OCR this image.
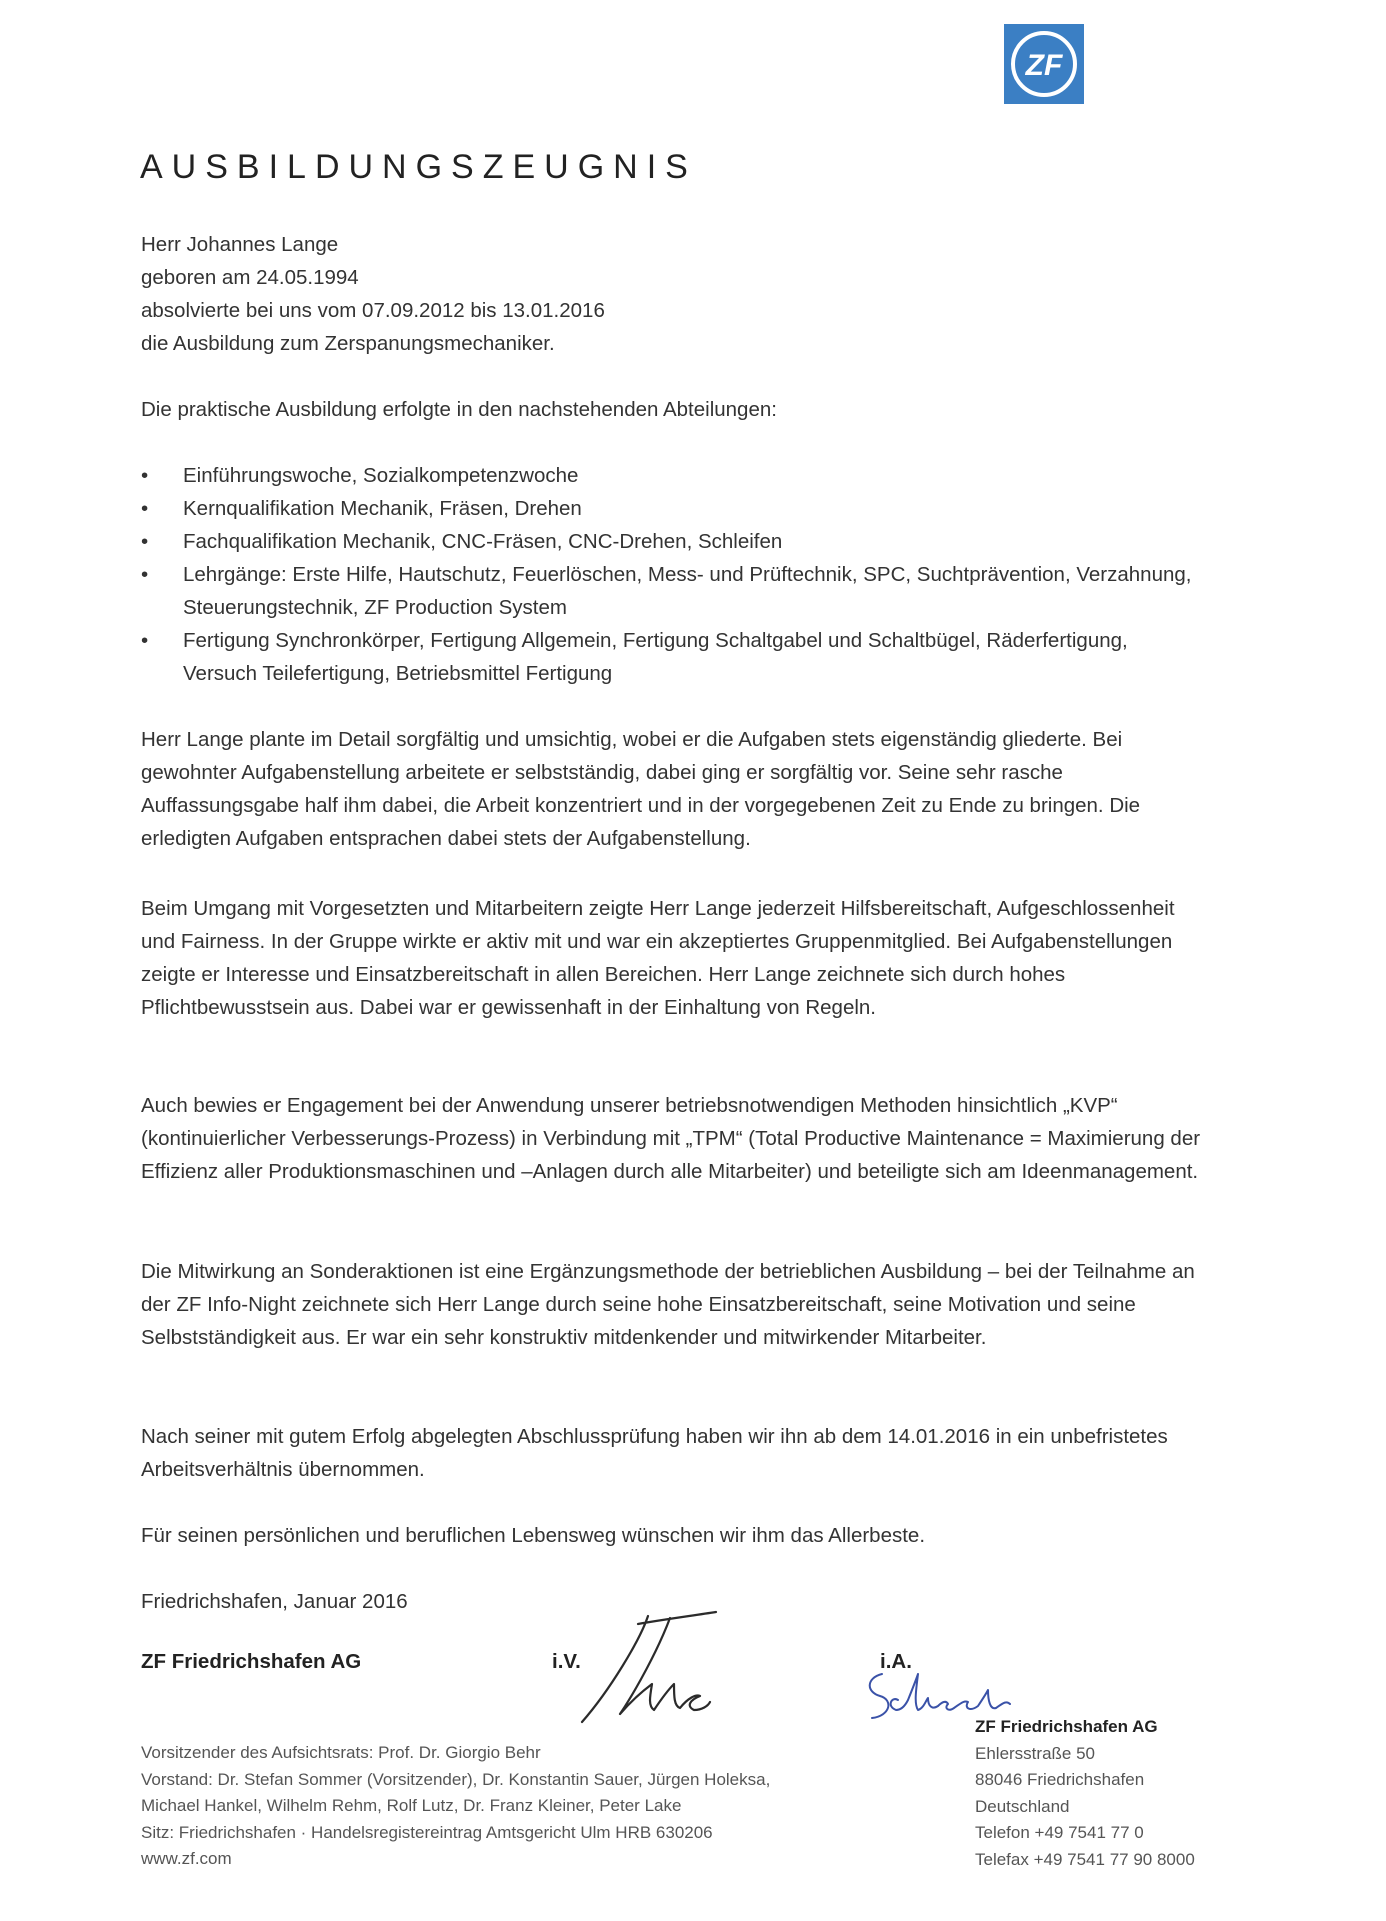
ZF
AUSBILDUNGSZEUGNIS
Herr Johannes Lange
geboren am 24.05.1994
absolvierte bei uns vom 07.09.2012 bis 13.01.2016
die Ausbildung zum Zerspanungsmechaniker.
Die praktische Ausbildung erfolgte in den nachstehenden Abteilungen:
•	Einführungswoche, Sozialkompetenzwoche
•	Kernqualifikation Mechanik, Fräsen, Drehen
•	Fachqualifikation Mechanik, CNC-Fräsen, CNC-Drehen, Schleifen
•	Lehrgänge: Erste Hilfe, Hautschutz, Feuerlöschen, Mess- und Prüftechnik, SPC, Suchtprävention, Verzahnung, Steuerungstechnik, ZF Production System
•	Fertigung Synchronkörper, Fertigung Allgemein, Fertigung Schaltgabel und Schaltbügel, Räderfertigung, Versuch Teilefertigung, Betriebsmittel Fertigung
Herr Lange plante im Detail sorgfältig und umsichtig, wobei er die Aufgaben stets eigenständig gliederte. Bei gewohnter Aufgabenstellung arbeitete er selbstständig, dabei ging er sorgfältig vor. Seine sehr rasche Auffassungsgabe half ihm dabei, die Arbeit konzentriert und in der vorgegebenen Zeit zu Ende zu bringen. Die erledigten Aufgaben entsprachen dabei stets der Aufgabenstellung.
Beim Umgang mit Vorgesetzten und Mitarbeitern zeigte Herr Lange jederzeit Hilfsbereitschaft, Aufgeschlossenheit und Fairness. In der Gruppe wirkte er aktiv mit und war ein akzeptiertes Gruppenmitglied. Bei Aufgabenstellungen zeigte er Interesse und Einsatzbereitschaft in allen Bereichen. Herr Lange zeichnete sich durch hohes Pflichtbewusstsein aus. Dabei war er gewissenhaft in der Einhaltung von Regeln.
Auch bewies er Engagement bei der Anwendung unserer betriebsnotwendigen Methoden hinsichtlich „KVP“ (kontinuierlicher Verbesserungs-Prozess) in Verbindung mit „TPM“ (Total Productive Maintenance = Maximierung der Effizienz aller Produktionsmaschinen und –Anlagen durch alle Mitarbeiter) und beteiligte sich am Ideenmanagement.
Die Mitwirkung an Sonderaktionen ist eine Ergänzungsmethode der betrieblichen Ausbildung – bei der Teilnahme an der ZF Info-Night zeichnete sich Herr Lange durch seine hohe Einsatzbereitschaft, seine Motivation und seine Selbstständigkeit aus. Er war ein sehr konstruktiv mitdenkender und mitwirkender Mitarbeiter.
Nach seiner mit gutem Erfolg abgelegten Abschlussprüfung haben wir ihn ab dem 14.01.2016 in ein unbefristetes Arbeitsverhältnis übernommen.
Für seinen persönlichen und beruflichen Lebensweg wünschen wir ihm das Allerbeste.
Friedrichshafen, Januar 2016
ZF Friedrichshafen AG	i.V.	i.A.
Vorsitzender des Aufsichtsrats: Prof. Dr. Giorgio Behr
Vorstand: Dr. Stefan Sommer (Vorsitzender), Dr. Konstantin Sauer, Jürgen Holeksa,
Michael Hankel, Wilhelm Rehm, Rolf Lutz, Dr. Franz Kleiner, Peter Lake
Sitz: Friedrichshafen · Handelsregistereintrag Amtsgericht Ulm HRB 630206
www.zf.com
ZF Friedrichshafen AG
Ehlersstraße 50
88046 Friedrichshafen
Deutschland
Telefon +49 7541 77 0
Telefax +49 7541 77 90 8000
